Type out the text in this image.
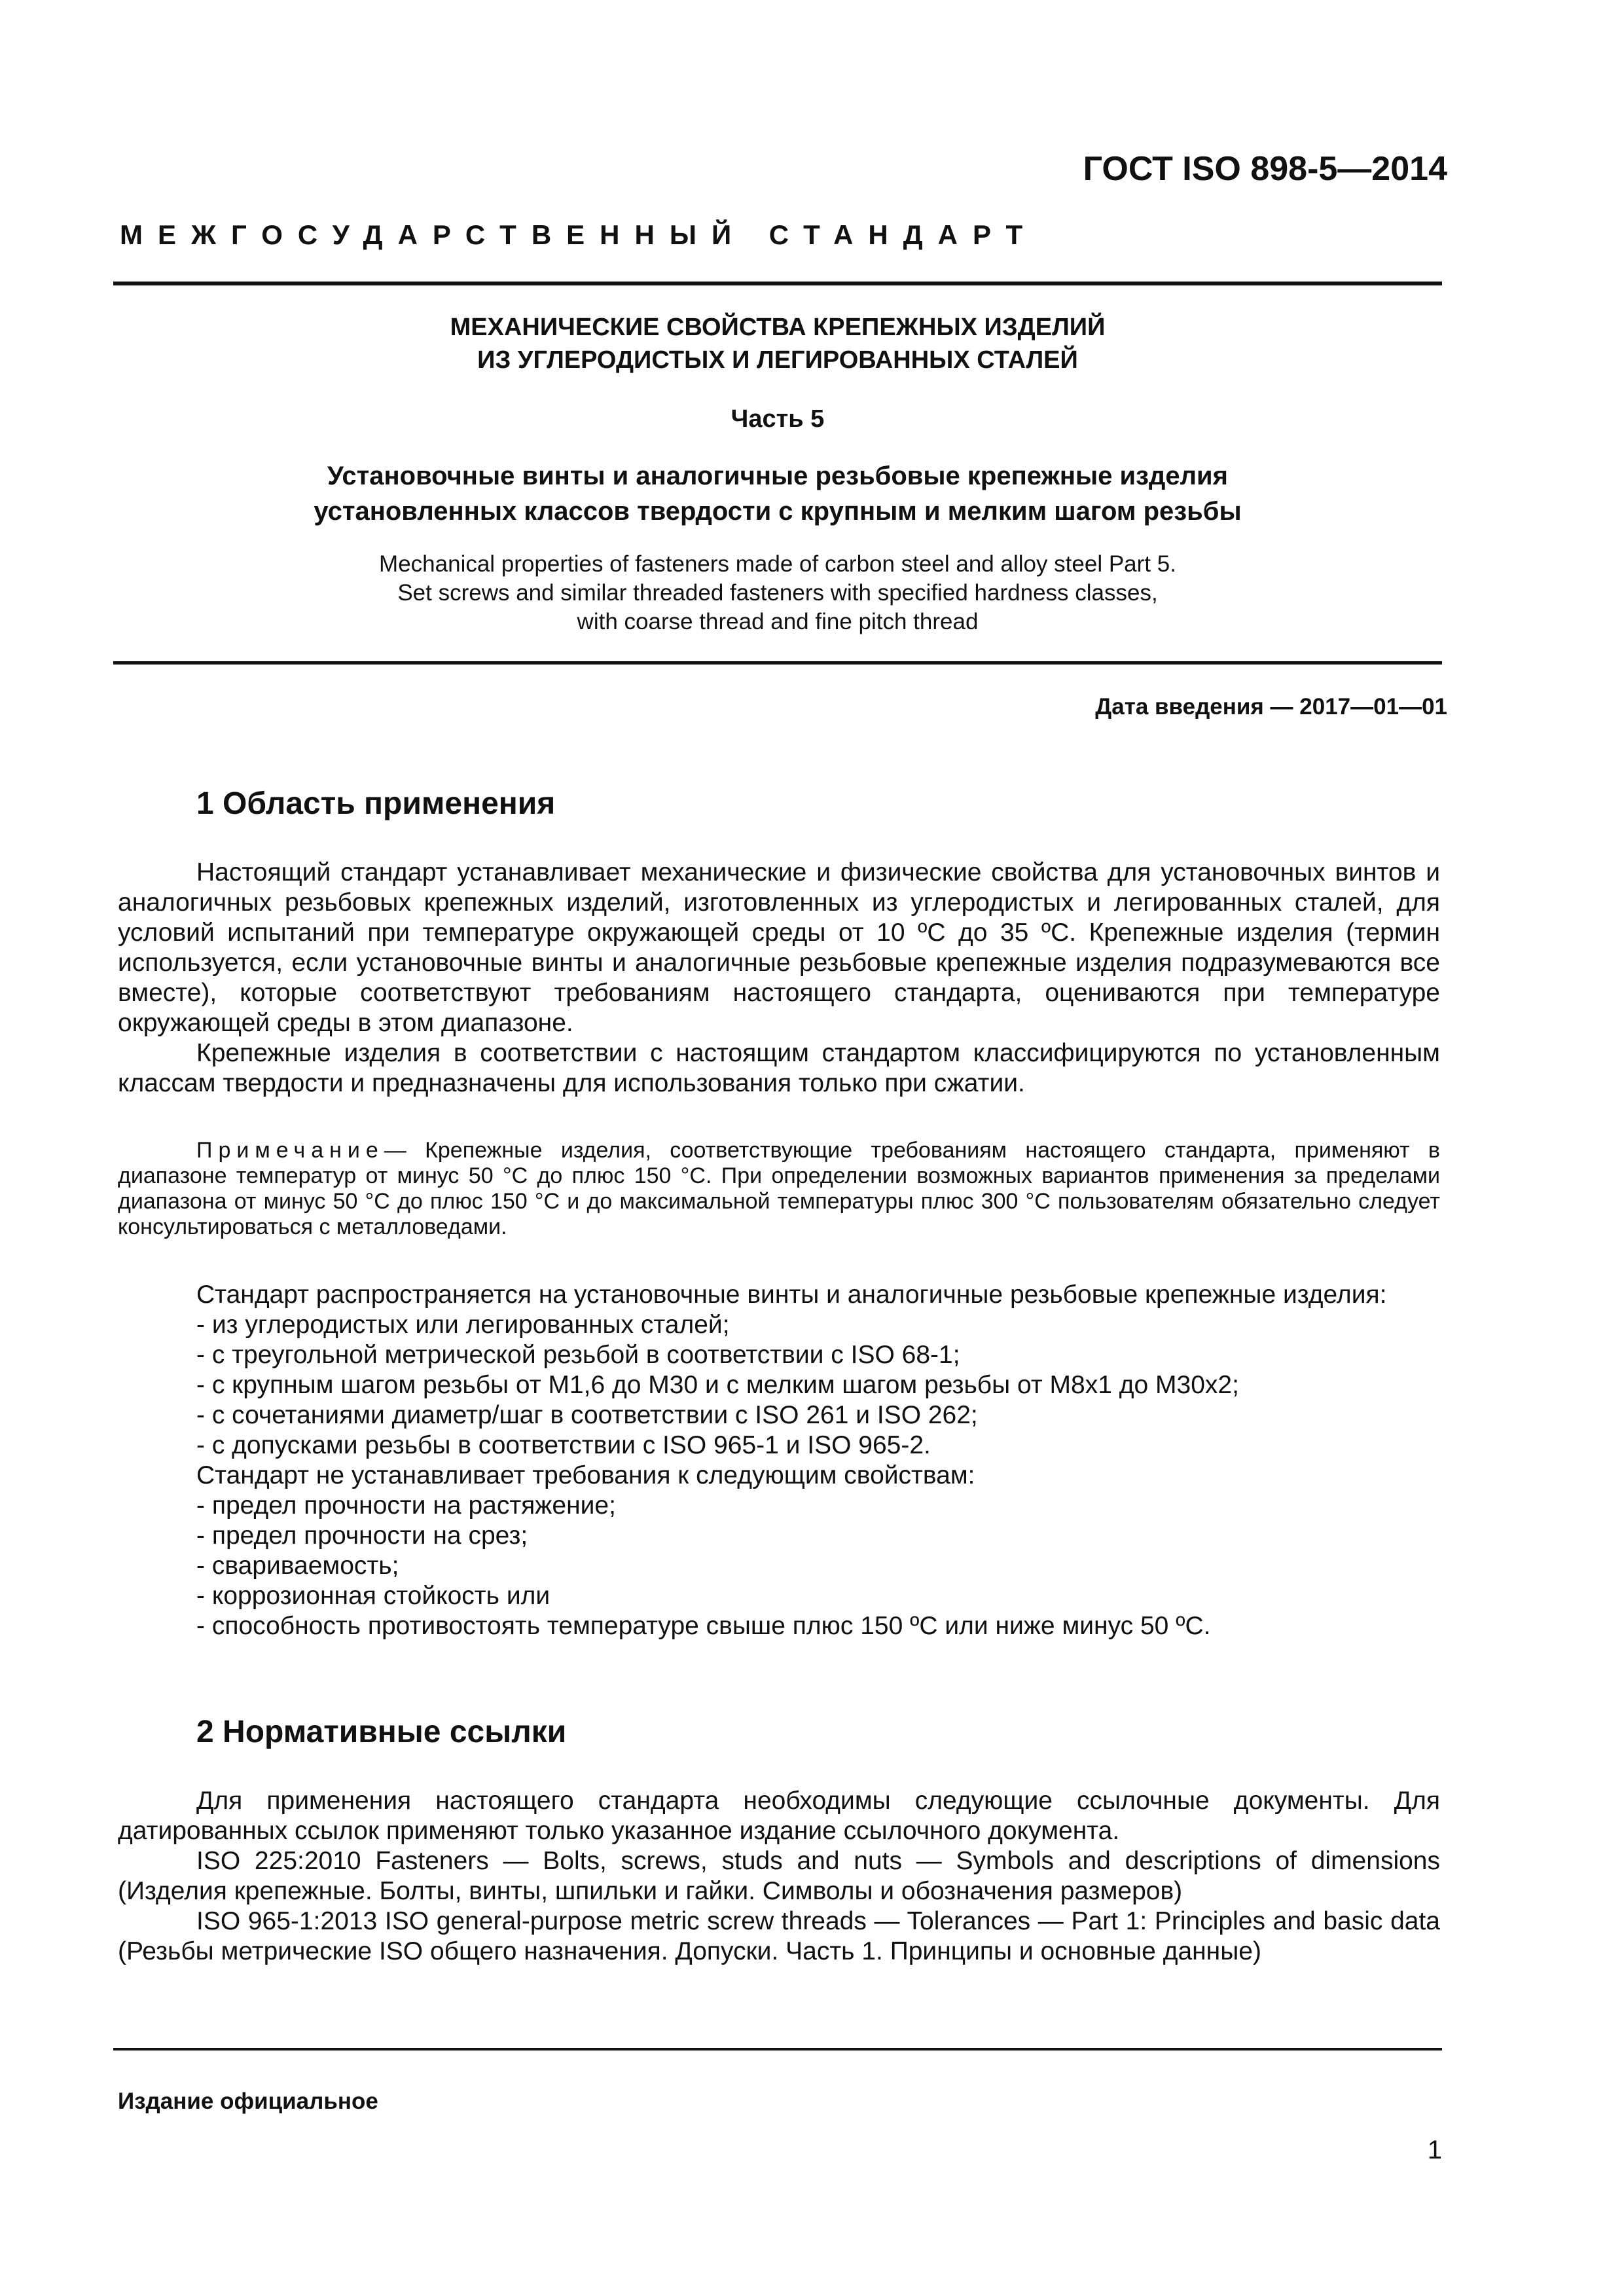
ГОСТ ISO 898-5—2014
МЕЖГОСУДАРСТВЕННЫЙ СТАНДАРТ
МЕХАНИЧЕСКИЕ СВОЙСТВА КРЕПЕЖНЫХ ИЗДЕЛИЙ
ИЗ УГЛЕРОДИСТЫХ И ЛЕГИРОВАННЫХ СТАЛЕЙ
Часть 5
Установочные винты и аналогичные резьбовые крепежные изделия
установленных классов твердости с крупным и мелким шагом резьбы
Mechanical properties of fasteners made of carbon steel and alloy steel Part 5.
Set screws and similar threaded fasteners with specified hardness classes,
with coarse thread and fine pitch thread
Дата введения — 2017—01—01
1 Область применения

Настоящий стандарт устанавливает механические и физические свойства для установочных винтов и аналогичных резьбовых крепежных изделий, изготовленных из углеродистых и легированных сталей, для условий испытаний при температуре окружающей среды от 10 ºС до 35 ºС. Крепежные изделия (термин используется, если установочные винты и аналогичные резьбовые крепежные изделия подразумеваются все вместе), которые соответствуют требованиям настоящего стандарта, оцениваются при температуре окружающей среды в этом диапазоне.

Крепежные изделия в соответствии с настоящим стандартом классифицируются по установленным классам твердости и предназначены для использования только при сжатии.

Примечание— Крепежные изделия, соответствующие требованиям настоящего стандарта, применяют в диапазоне температур от минус 50 °С до плюс 150 °С. При определении возможных вариантов применения за пределами диапазона от минус 50 °С до плюс 150 °С и до максимальной температуры плюс 300 °С пользователям обязательно следует консультироваться с металловедами.

Стандарт распространяется на установочные винты и аналогичные резьбовые крепежные изделия:

- из углеродистых или легированных сталей;

- с треугольной метрической резьбой в соответствии с ISO 68-1;

- с крупным шагом резьбы от М1,6 до М30 и с мелким шагом резьбы от М8х1 до М30х2;

- с сочетаниями диаметр/шаг в соответствии с ISO 261 и ISO 262;

- с допусками резьбы в соответствии с ISO 965-1 и ISO 965-2.

Стандарт не устанавливает требования к следующим свойствам:

- предел прочности на растяжение;

- предел прочности на срез;

- свариваемость;

- коррозионная стойкость или

- способность противостоять температуре свыше плюс 150 ºС или ниже минус 50 ºС.

2 Нормативные ссылки

Для применения настоящего стандарта необходимы следующие ссылочные документы. Для датированных ссылок применяют только указанное издание ссылочного документа.

ISO 225:2010 Fasteners — Bolts, screws, studs and nuts — Symbols and descriptions of dimensions (Изделия крепежные. Болты, винты, шпильки и гайки. Символы и обозначения размеров)

ISO 965-1:2013 ISO general-purpose metric screw threads — Tolerances — Part 1: Principles and basic data (Резьбы метрические ISO общего назначения. Допуски. Часть 1. Принципы и основные данные)

Издание официальное
1
